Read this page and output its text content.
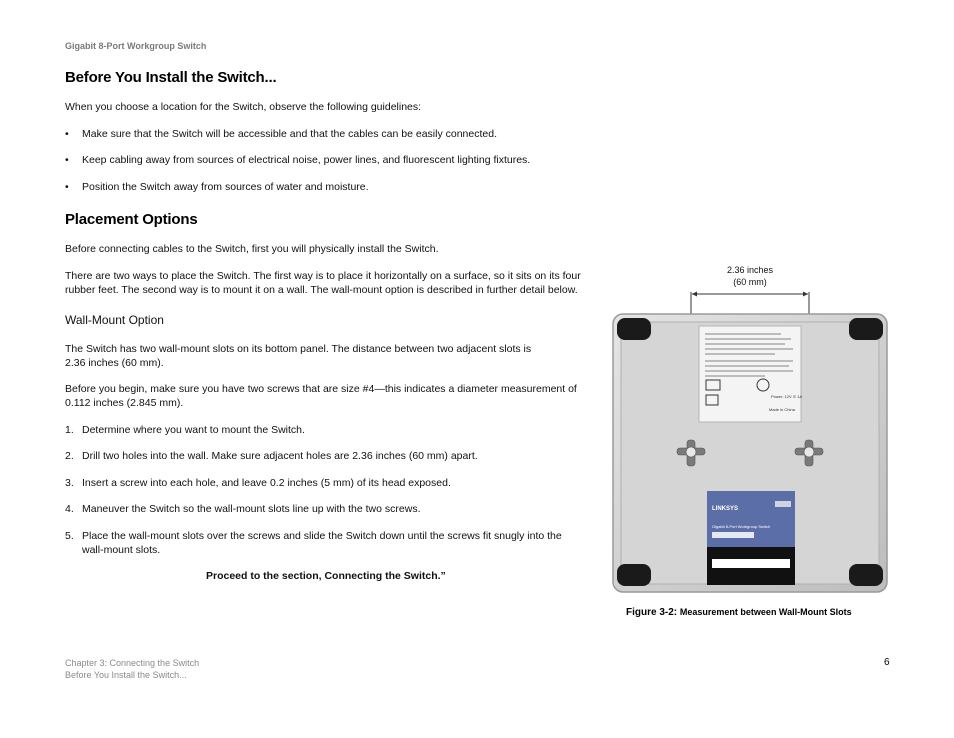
Gigabit 8-Port Workgroup Switch
Before You Install the Switch...

When you choose a location for the Switch, observe the following guidelines:

•	Make sure that the Switch will be accessible and that the cables can be easily connected.
•	Keep cabling away from sources of electrical noise, power lines, and fluorescent lighting fixtures.
•	Position the Switch away from sources of water and moisture.
Placement Options

Before connecting cables to the Switch, first you will physically install the Switch.

There are two ways to place the Switch. The first way is to place it horizontally on a surface, so it sits on its four rubber feet. The second way is to mount it on a wall. The wall-mount option is described in further detail below.

Wall-Mount Option

The Switch has two wall-mount slots on its bottom panel. The distance between two adjacent slots is 2.36 inches (60 mm).

Before you begin, make sure you have two screws that are size #4—this indicates a diameter measurement of 0.112 inches (2.845 mm).

1. Determine where you want to mount the Switch.
2. Drill two holes into the wall. Make sure adjacent holes are 2.36 inches (60 mm) apart.
3. Insert a screw into each hole, and leave 0.2 inches (5 mm) of its head exposed.
4. Maneuver the Switch so the wall-mount slots line up with the two screws.
5. Place the wall-mount slots over the screws and slide the Switch down until the screws fit snugly into the wall-mount slots.
Proceed to the section, Connecting the Switch.”
2.36 inches
(60 mm)
Power: 12V ⪝ 1A
Made in China
LINKSYS
Gigabit 8-Port Workgroup Switch
Figure 3-2: Measurement between Wall-Mount Slots
Chapter 3: Connecting the Switch
Before You Install the Switch...
6
